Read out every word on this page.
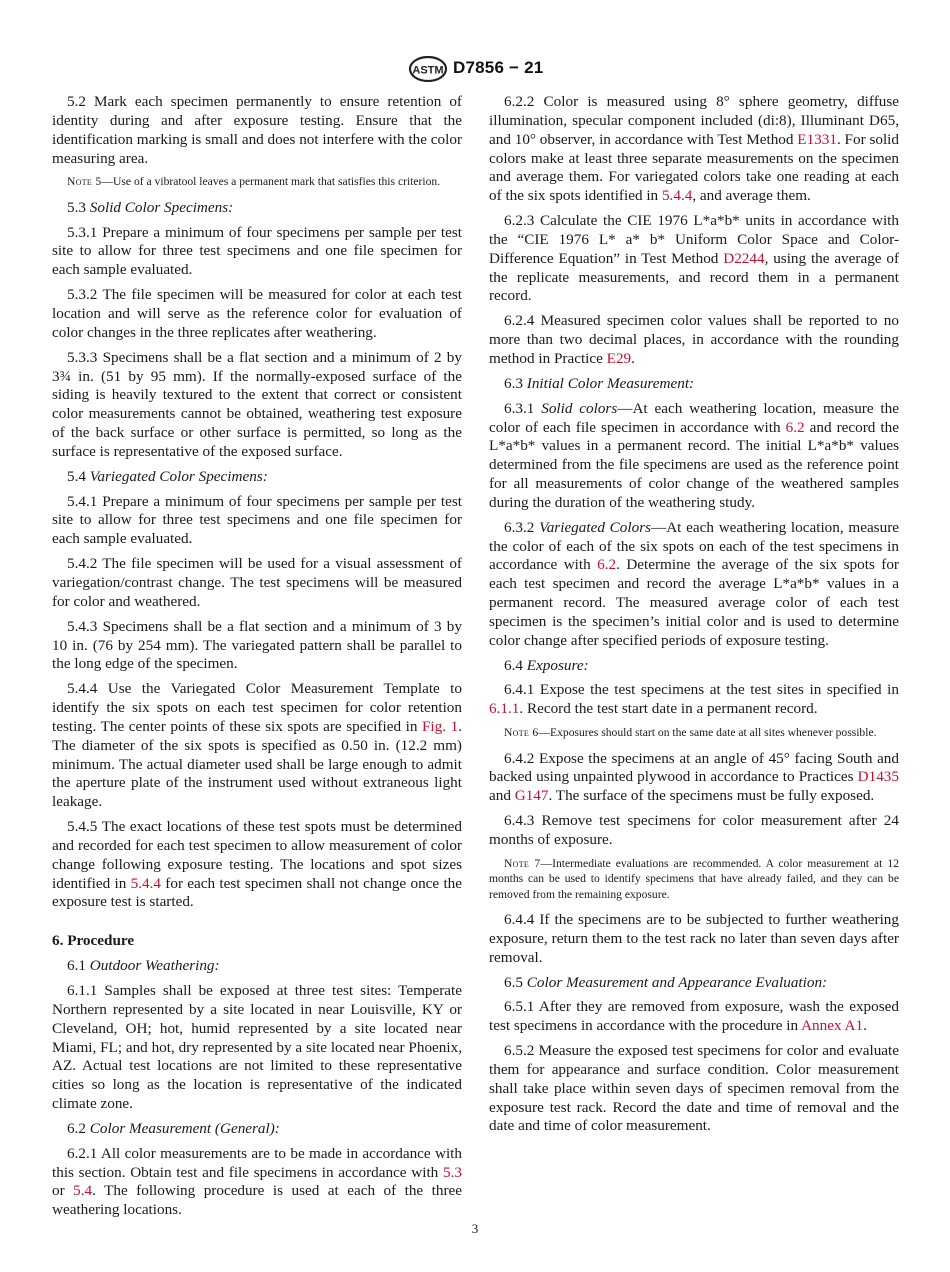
ASTM D7856 − 21

5.2 Mark each specimen permanently to ensure retention of identity during and after exposure testing. Ensure that the identification marking is small and does not interfere with the color measuring area.

Note 5—Use of a vibratool leaves a permanent mark that satisfies this criterion.

5.3 Solid Color Specimens:

5.3.1 Prepare a minimum of four specimens per sample per test site to allow for three test specimens and one file specimen for each sample evaluated.

5.3.2 The file specimen will be measured for color at each test location and will serve as the reference color for evaluation of color changes in the three replicates after weathering.

5.3.3 Specimens shall be a flat section and a minimum of 2 by 3¾ in. (51 by 95 mm). If the normally-exposed surface of the siding is heavily textured to the extent that correct or consistent color measurements cannot be obtained, weathering test exposure of the back surface or other surface is permitted, so long as the surface is representative of the exposed surface.

5.4 Variegated Color Specimens:

5.4.1 Prepare a minimum of four specimens per sample per test site to allow for three test specimens and one file specimen for each sample evaluated.

5.4.2 The file specimen will be used for a visual assessment of variegation/contrast change. The test specimens will be measured for color and weathered.

5.4.3 Specimens shall be a flat section and a minimum of 3 by 10 in. (76 by 254 mm). The variegated pattern shall be parallel to the long edge of the specimen.

5.4.4 Use the Variegated Color Measurement Template to identify the six spots on each test specimen for color retention testing. The center points of these six spots are specified in Fig. 1. The diameter of the six spots is specified as 0.50 in. (12.2 mm) minimum. The actual diameter used shall be large enough to admit the aperture plate of the instrument used without extraneous light leakage.

5.4.5 The exact locations of these test spots must be determined and recorded for each test specimen to allow measurement of color change following exposure testing. The locations and spot sizes identified in 5.4.4 for each test specimen shall not change once the exposure test is started.

6. Procedure

6.1 Outdoor Weathering:

6.1.1 Samples shall be exposed at three test sites: Temperate Northern represented by a site located in near Louisville, KY or Cleveland, OH; hot, humid represented by a site located near Miami, FL; and hot, dry represented by a site located near Phoenix, AZ. Actual test locations are not limited to these representative cities so long as the location is representative of the indicated climate zone.

6.2 Color Measurement (General):

6.2.1 All color measurements are to be made in accordance with this section. Obtain test and file specimens in accordance with 5.3 or 5.4. The following procedure is used at each of the three weathering locations.

6.2.2 Color is measured using 8° sphere geometry, diffuse illumination, specular component included (di:8), Illuminant D65, and 10° observer, in accordance with Test Method E1331. For solid colors make at least three separate measurements on the specimen and average them. For variegated colors take one reading at each of the six spots identified in 5.4.4, and average them.

6.2.3 Calculate the CIE 1976 L*a*b* units in accordance with the “CIE 1976 L* a* b* Uniform Color Space and Color-Difference Equation” in Test Method D2244, using the average of the replicate measurements, and record them in a permanent record.

6.2.4 Measured specimen color values shall be reported to no more than two decimal places, in accordance with the rounding method in Practice E29.

6.3 Initial Color Measurement:

6.3.1 Solid colors—At each weathering location, measure the color of each file specimen in accordance with 6.2 and record the L*a*b* values in a permanent record. The initial L*a*b* values determined from the file specimens are used as the reference point for all measurements of color change of the weathered samples during the duration of the weathering study.

6.3.2 Variegated Colors—At each weathering location, measure the color of each of the six spots on each of the test specimens in accordance with 6.2. Determine the average of the six spots for each test specimen and record the average L*a*b* values in a permanent record. The measured average color of each test specimen is the specimen’s initial color and is used to determine color change after specified periods of exposure testing.

6.4 Exposure:

6.4.1 Expose the test specimens at the test sites in specified in 6.1.1. Record the test start date in a permanent record.

Note 6—Exposures should start on the same date at all sites whenever possible.

6.4.2 Expose the specimens at an angle of 45° facing South and backed using unpainted plywood in accordance to Practices D1435 and G147. The surface of the specimens must be fully exposed.

6.4.3 Remove test specimens for color measurement after 24 months of exposure.

Note 7—Intermediate evaluations are recommended. A color measurement at 12 months can be used to identify specimens that have already failed, and they can be removed from the remaining exposure.

6.4.4 If the specimens are to be subjected to further weathering exposure, return them to the test rack no later than seven days after removal.

6.5 Color Measurement and Appearance Evaluation:

6.5.1 After they are removed from exposure, wash the exposed test specimens in accordance with the procedure in Annex A1.

6.5.2 Measure the exposed test specimens for color and evaluate them for appearance and surface condition. Color measurement shall take place within seven days of specimen removal from the exposure test rack. Record the date and time of removal and the date and time of color measurement.

3
